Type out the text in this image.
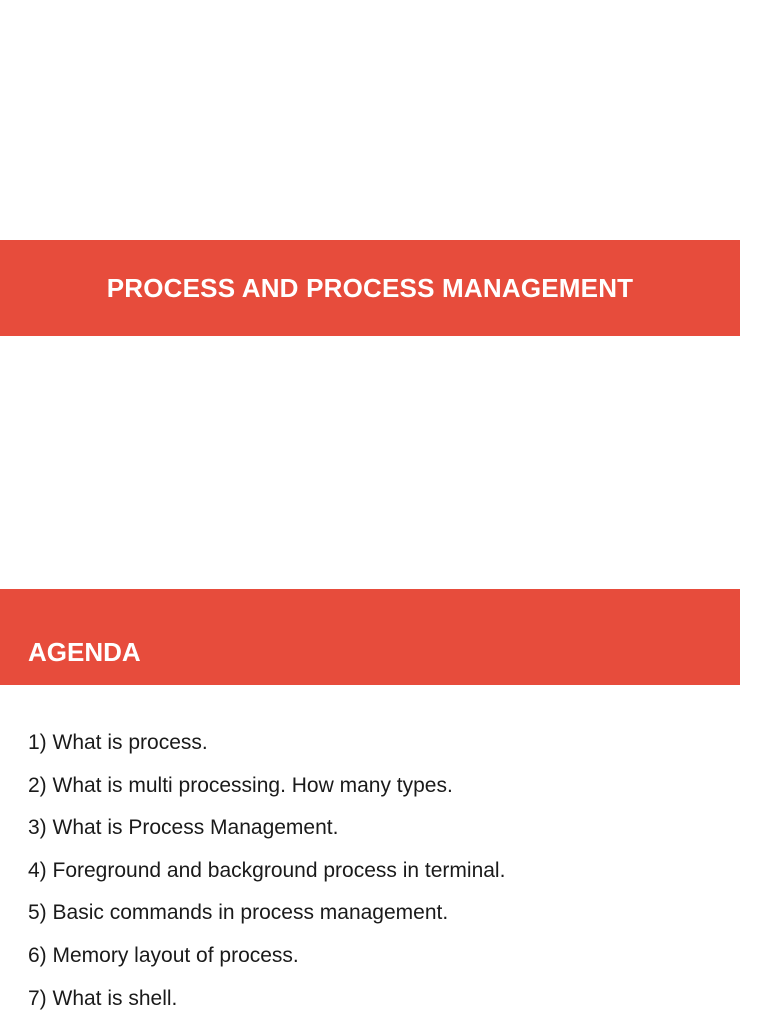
PROCESS AND PROCESS MANAGEMENT
AGENDA
1) What is process.
2) What is multi processing. How many types.
3) What is Process Management.
4) Foreground and background process in terminal.
5) Basic commands in process management.
6) Memory layout of process.
7) What is shell.
